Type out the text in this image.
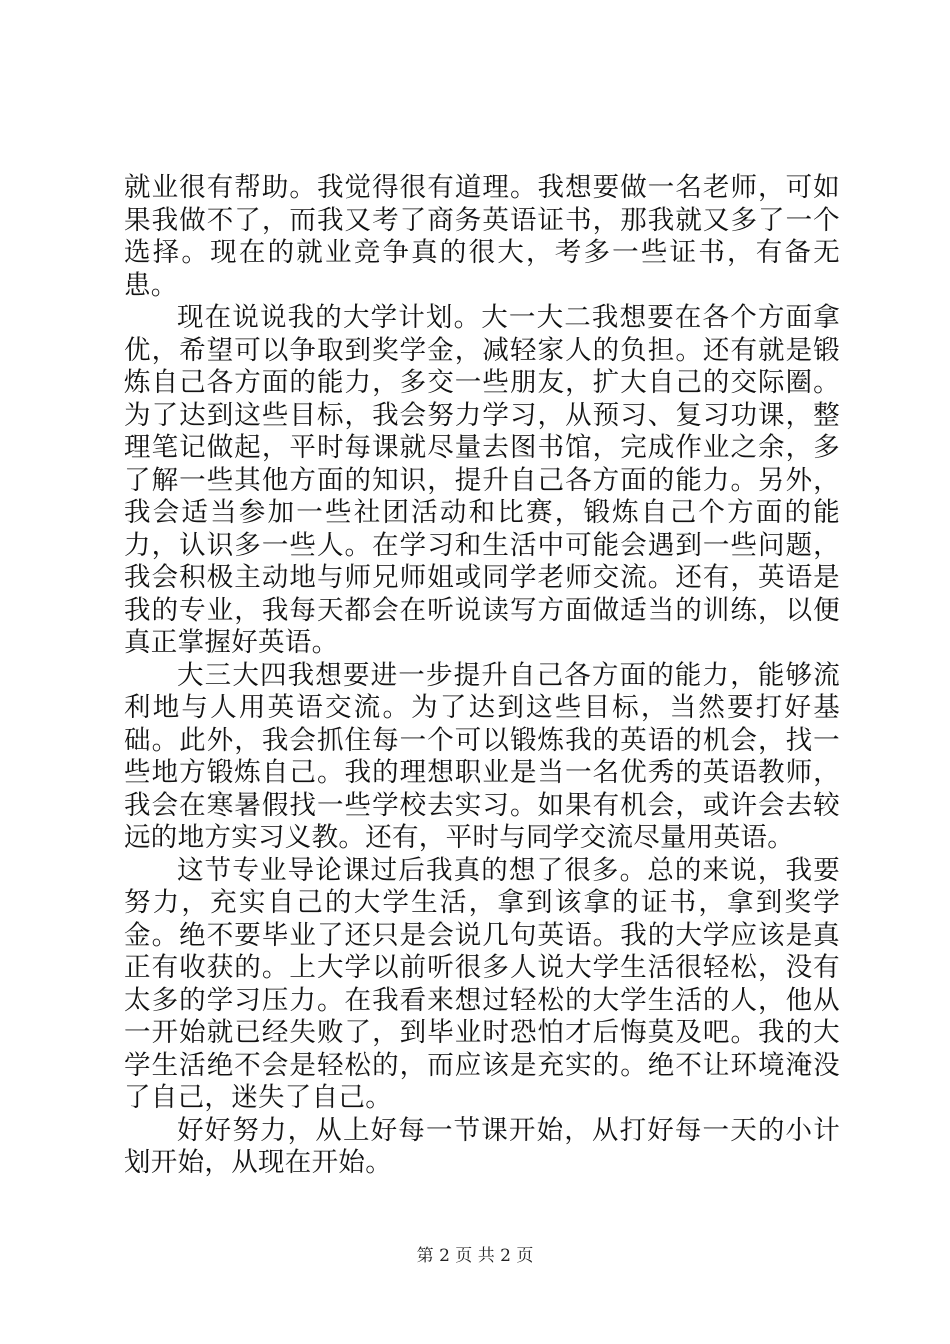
就业很有帮助。我觉得很有道理。我想要做一名老师，可如果我做不了，而我又考了商务英语证书，那我就又多了一个选择。现在的就业竞争真的很大，考多一些证书，有备无患。

现在说说我的大学计划。大一大二我想要在各个方面拿优，希望可以争取到奖学金，减轻家人的负担。还有就是锻炼自己各方面的能力，多交一些朋友，扩大自己的交际圈。为了达到这些目标，我会努力学习，从预习、复习功课，整理笔记做起，平时每课就尽量去图书馆，完成作业之余，多了解一些其他方面的知识，提升自己各方面的能力。另外，我会适当参加一些社团活动和比赛，锻炼自己个方面的能力，认识多一些人。在学习和生活中可能会遇到一些问题，我会积极主动地与师兄师姐或同学老师交流。还有，英语是我的专业，我每天都会在听说读写方面做适当的训练，以便真正掌握好英语。

大三大四我想要进一步提升自己各方面的能力，能够流利地与人用英语交流。为了达到这些目标，当然要打好基础。此外，我会抓住每一个可以锻炼我的英语的机会，找一些地方锻炼自己。我的理想职业是当一名优秀的英语教师，我会在寒暑假找一些学校去实习。如果有机会，或许会去较远的地方实习义教。还有，平时与同学交流尽量用英语。

这节专业导论课过后我真的想了很多。总的来说，我要努力，充实自己的大学生活，拿到该拿的证书，拿到奖学金。绝不要毕业了还只是会说几句英语。我的大学应该是真正有收获的。上大学以前听很多人说大学生活很轻松，没有太多的学习压力。在我看来想过轻松的大学生活的人，他从一开始就已经失败了，到毕业时恐怕才后悔莫及吧。我的大学生活绝不会是轻松的，而应该是充实的。绝不让环境淹没了自己，迷失了自己。

好好努力，从上好每一节课开始，从打好每一天的小计划开始，从现在开始。

第 2 页 共 2 页
